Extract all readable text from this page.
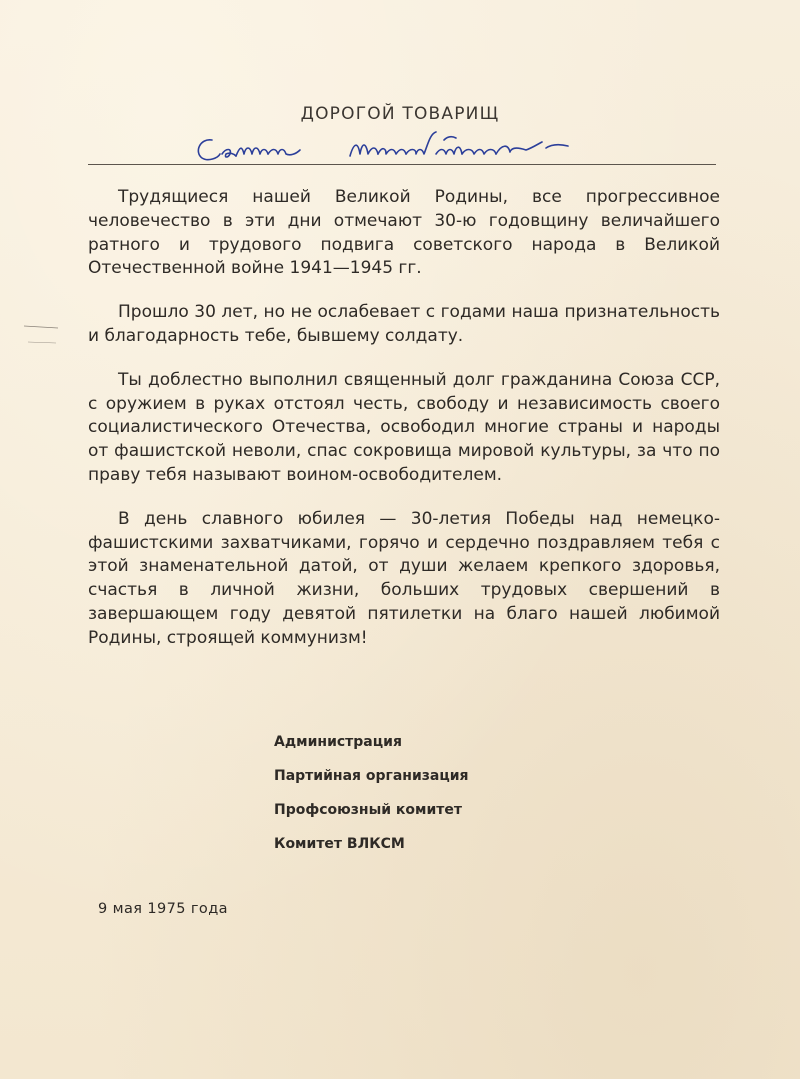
ДОРОГОЙ ТОВАРИЩ

Трудящиеся нашей Великой Родины, все прогрессивное человечество в эти дни отмечают 30-ю годовщину величайшего ратного и трудового подвига советского народа в Великой Отечественной войне 1941—1945 гг.

Прошло 30 лет, но не ослабевает с годами наша признательность и благодарность тебе, бывшему солдату.

Ты доблестно выполнил священный долг гражданина Союза ССР, с оружием в руках отстоял честь, свободу и независимость своего социалистического Отечества, освободил многие страны и народы от фашистской неволи, спас сокровища мировой культуры, за что по праву тебя называют воином-освободителем.

В день славного юбилея — 30-летия Победы над немецко-фашистскими захватчиками, горячо и сердечно поздравляем тебя с этой знаменательной датой, от души желаем крепкого здоровья, счастья в личной жизни, больших трудовых свершений в завершающем году девятой пятилетки на благо нашей любимой Родины, строящей коммунизм!

Администрация
Партийная организация
Профсоюзный комитет
Комитет ВЛКСМ
9 мая 1975 года
